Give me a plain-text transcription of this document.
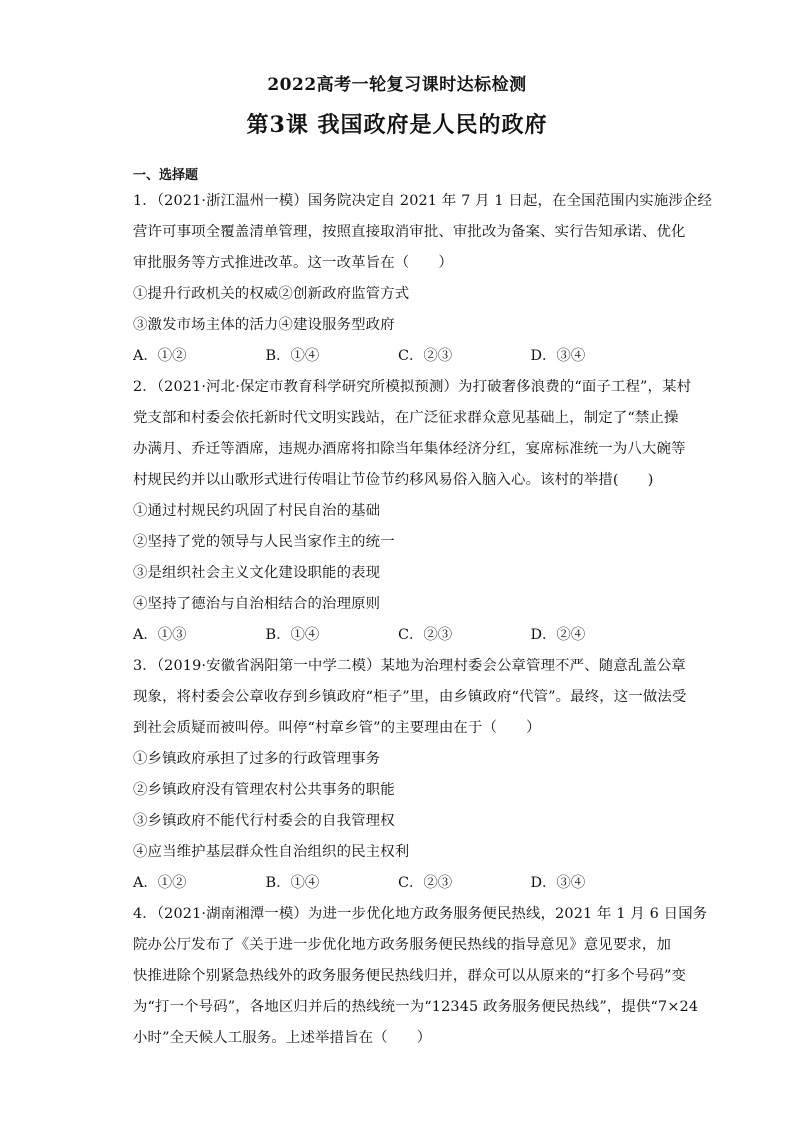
2022高考一轮复习课时达标检测
第3课 我国政府是人民的政府
一、选择题
1．（2021·浙江温州一模）国务院决定自 2021 年 7 月 1 日起，在全国范围内实施涉企经
营许可事项全覆盖清单管理，按照直接取消审批、审批改为备案、实行告知承诺、优化
审批服务等方式推进改革。这一改革旨在（　　）
①提升行政机关的权威②创新政府监管方式
③激发市场主体的活力④建设服务型政府
A．①②	B．①④	C．②③	D．③④
2．（2021·河北·保定市教育科学研究所模拟预测）为打破奢侈浪费的“面子工程”，某村
党支部和村委会依托新时代文明实践站，在广泛征求群众意见基础上，制定了“禁止操
办满月、乔迁等酒席，违规办酒席将扣除当年集体经济分红，宴席标准统一为八大碗等
村规民约并以山歌形式进行传唱让节俭节约移风易俗入脑入心。该村的举措(　　)
①通过村规民约巩固了村民自治的基础
②坚持了党的领导与人民当家作主的统一
③是组织社会主义文化建设职能的表现
④坚持了德治与自治相结合的治理原则
A．①③	B．①④	C．②③	D．②④
3．（2019·安徽省涡阳第一中学二模）某地为治理村委会公章管理不严、随意乱盖公章
现象，将村委会公章收存到乡镇政府“柜子”里，由乡镇政府“代管”。最终，这一做法受
到社会质疑而被叫停。叫停“村章乡管”的主要理由在于（　　）
①乡镇政府承担了过多的行政管理事务
②乡镇政府没有管理农村公共事务的职能
③乡镇政府不能代行村委会的自我管理权
④应当维护基层群众性自治组织的民主权利
A．①②	B．①④	C．②③	D．③④
4．（2021·湖南湘潭一模）为进一步优化地方政务服务便民热线，2021 年 1 月 6 日国务
院办公厅发布了《关于进一步优化地方政务服务便民热线的指导意见》意见要求，加
快推进除个别紧急热线外的政务服务便民热线归并，群众可以从原来的“打多个号码”变
为“打一个号码”，各地区归并后的热线统一为“12345 政务服务便民热线”，提供“7×24
小时”全天候人工服务。上述举措旨在（　　）
